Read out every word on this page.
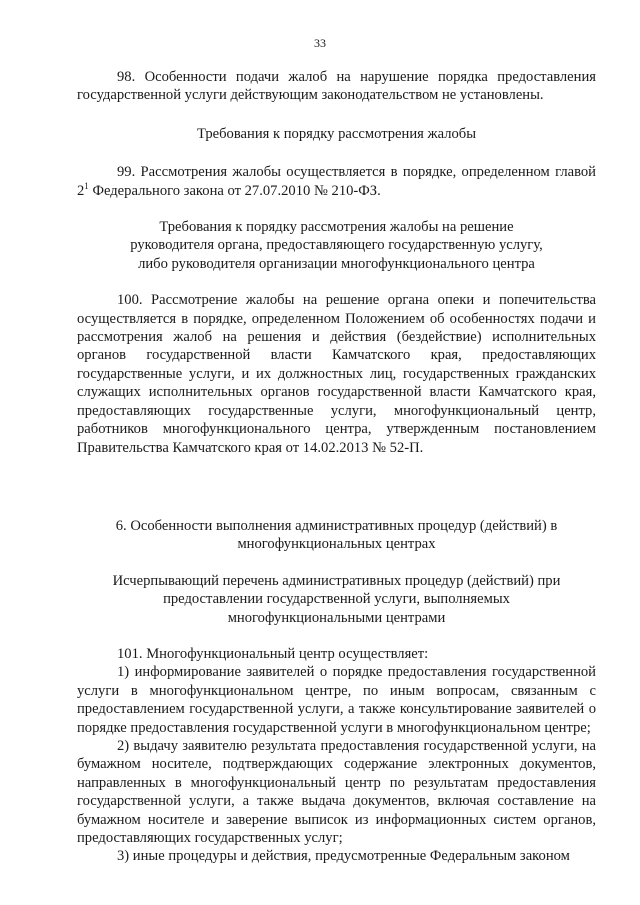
33

98. Особенности подачи жалоб на нарушение порядка предоставления государственной услуги действующим законодательством не установлены.

Требования к порядку рассмотрения жалобы

99. Рассмотрения жалобы осуществляется в порядке, определенном главой $2^1$ Федерального закона от 27.07.2010 № 210-ФЗ.

Требования к порядку рассмотрения жалобы на решение

руководителя органа, предоставляющего государственную услугу,

либо руководителя организации многофункционального центра

100. Рассмотрение жалобы на решение органа опеки и попечительства осуществляется в порядке, определенном Положением об особенностях подачи и рассмотрения жалоб на решения и действия (бездействие) исполнительных органов государственной власти Камчатского края, предоставляющих государственные услуги, и их должностных лиц, государственных гражданских служащих исполнительных органов государственной власти Камчатского края, предоставляющих государственные услуги, многофункциональный центр, работников многофункционального центра, утвержденным постановлением Правительства Камчатского края от 14.02.2013 № 52-П.

6. Особенности выполнения административных процедур (действий) в

многофункциональных центрах

Исчерпывающий перечень административных процедур (действий) при

предоставлении государственной услуги, выполняемых

многофункциональными центрами

101. Многофункциональный центр осуществляет:

1) информирование заявителей о порядке предоставления государственной услуги в многофункциональном центре, по иным вопросам, связанным с предоставлением государственной услуги, а также консультирование заявителей о порядке предоставления государственной услуги в многофункциональном центре;

2) выдачу заявителю результата предоставления государственной услуги, на бумажном носителе, подтверждающих содержание электронных документов, направленных в многофункциональный центр по результатам предоставления государственной услуги, а также выдача документов, включая составление на бумажном носителе и заверение выписок из информационных систем органов, предоставляющих государственных услуг;

3) иные процедуры и действия, предусмотренные Федеральным законом
